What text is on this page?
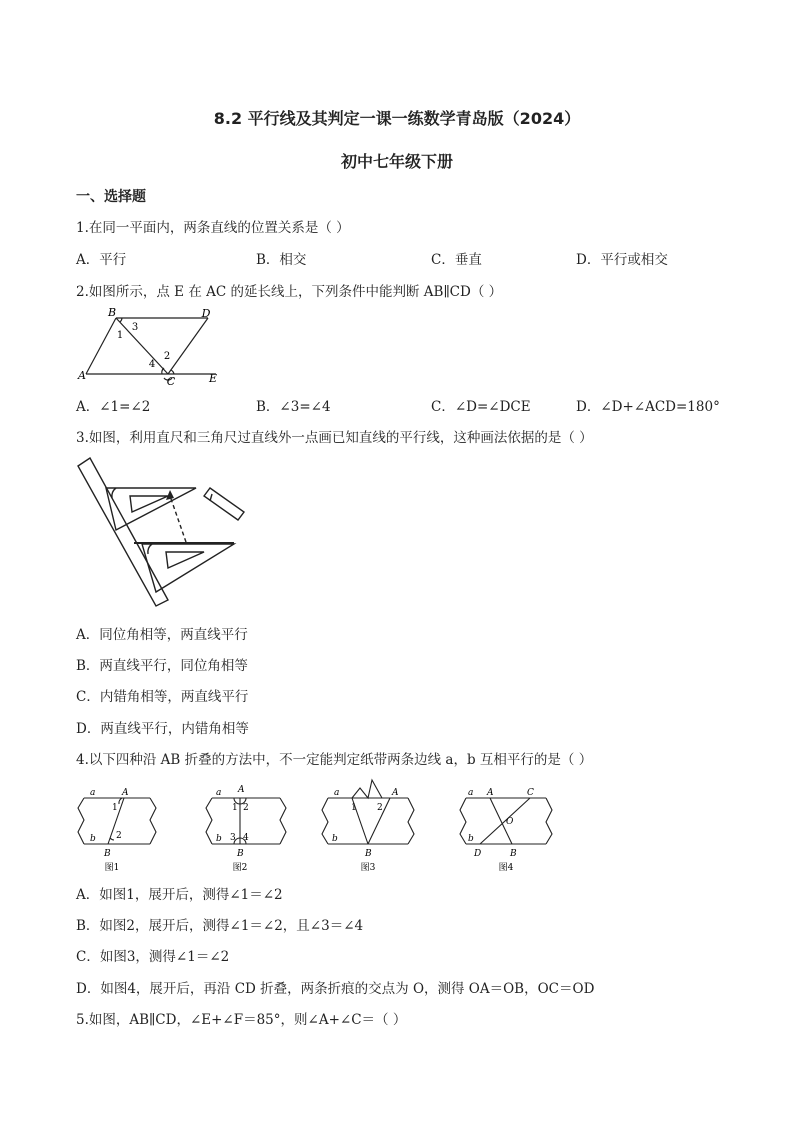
8.2 平行线及其判定一课一练数学青岛版（2024）
初中七年级下册
一、选择题
1.在同一平面内，两条直线的位置关系是（ ）
A．平行	B．相交	C．垂直	D．平行或相交
2.如图所示，点 E 在 AC 的延长线上，下列条件中能判断 AB∥CD（ ）
B	D
A	C	E
1
2
3
4
A．∠1=∠2	B．∠3=∠4	C．∠D=∠DCE	D．∠D+∠ACD=180°
3.如图，利用直尺和三角尺过直线外一点画已知直线的平行线，这种画法依据的是（ ）
A．同位角相等，两直线平行
B．两直线平行，同位角相等
C．内错角相等，两直线平行
D．两直线平行，内错角相等
4.以下四种沿 AB 折叠的方法中，不一定能判定纸带两条边线 a，b 互相平行的是（ ）
a	A
b
B
1
2
图1
a A
b
B
1 2
3 4
图2
a	A
b
B
1 2
图3
a A	C
O
b
D	B
图4
A．如图1，展开后，测得∠1＝∠2
B．如图2，展开后，测得∠1＝∠2，且∠3＝∠4
C．如图3，测得∠1＝∠2
D．如图4，展开后，再沿 CD 折叠，两条折痕的交点为 O，测得 OA＝OB，OC＝OD
5.如图，AB∥CD，∠E+∠F＝85°，则∠A+∠C＝（ ）
